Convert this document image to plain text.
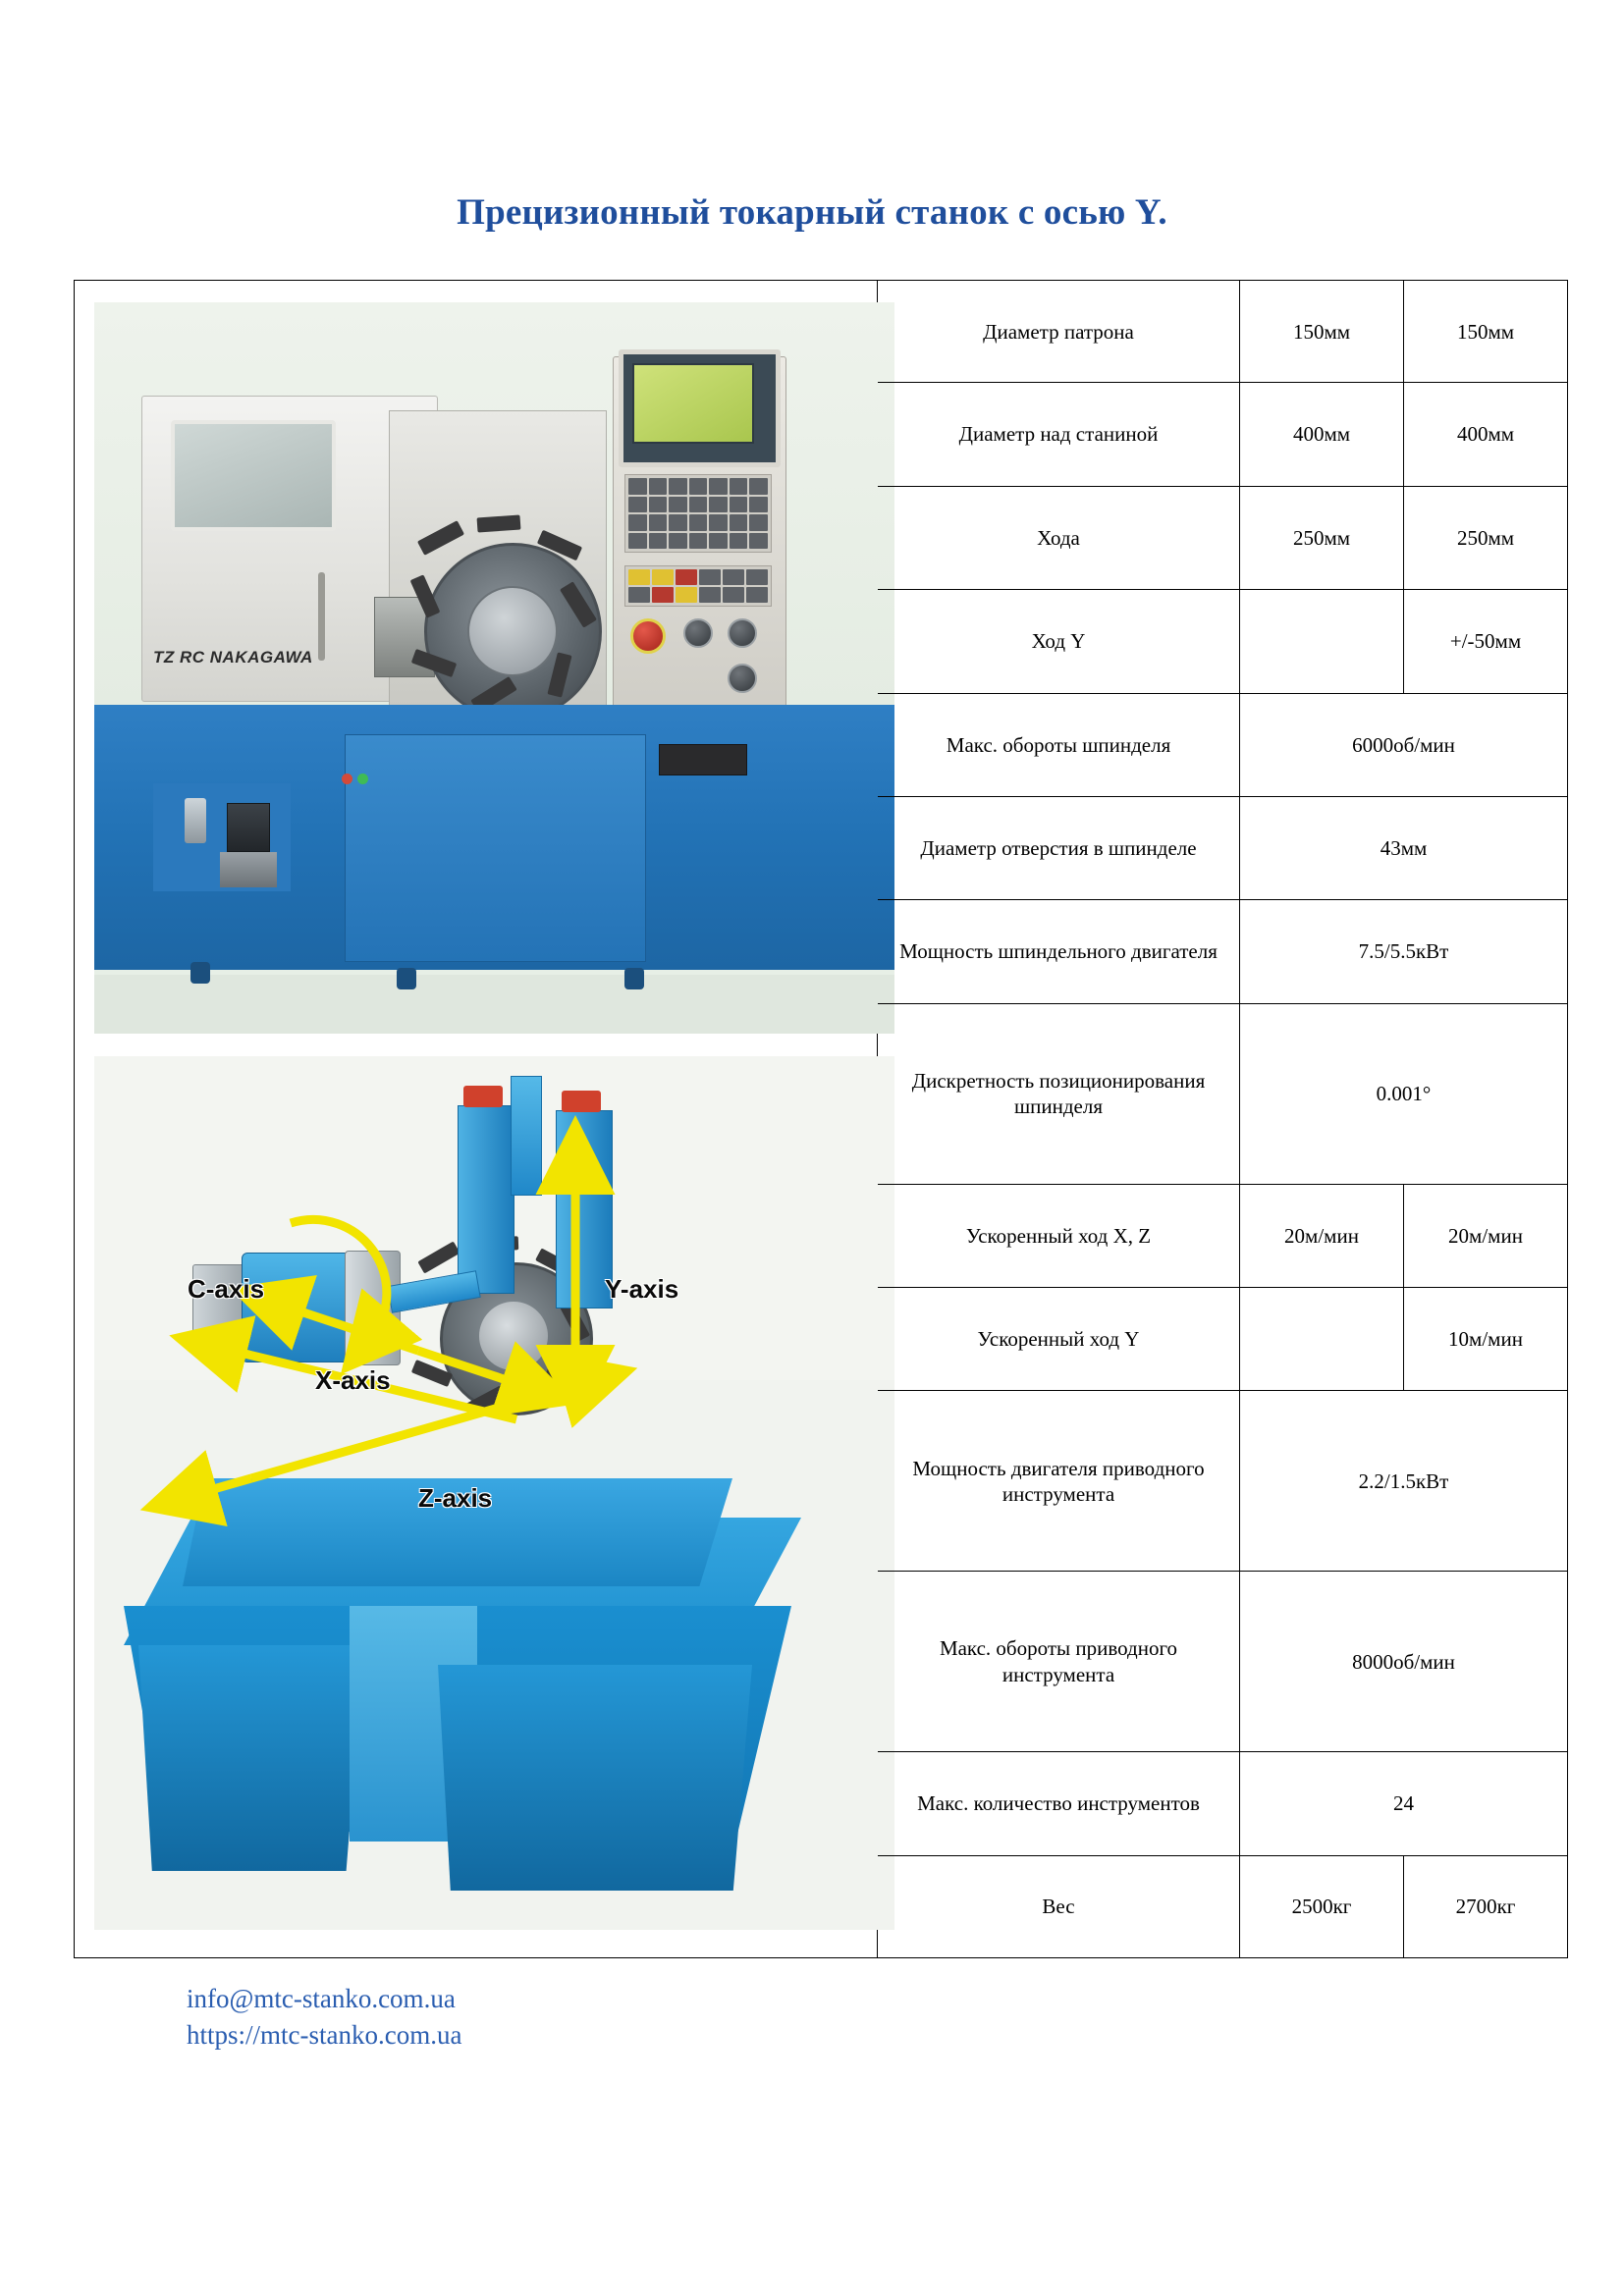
Прецизионный токарный станок с осью Y.
TZ RC NAKAGAWA
C-axis	Y-axis
X-axis
Z-axis
Диаметр патрона	150мм	150мм
Диаметр над станиной	400мм	400мм
Хода	250мм	250мм
Ход Y		+/-50мм
Макс. обороты шпинделя	6000об/мин	
Диаметр отверстия в шпинделе	43мм	
Мощность шпиндельного двигателя	7.5/5.5кВт	
Дискретность позиционирования шпинделя	0.001°	
Ускоренный ход X, Z	20м/мин	20м/мин
Ускоренный ход Y		10м/мин
Мощность двигателя приводного инструмента	2.2/1.5кВт	
Макс. обороты приводного инструмента	8000об/мин	
Макс. количество инструментов	24	
Вес	2500кг	2700кг
info@mtc-stanko.com.ua
https://mtc-stanko.com.ua
